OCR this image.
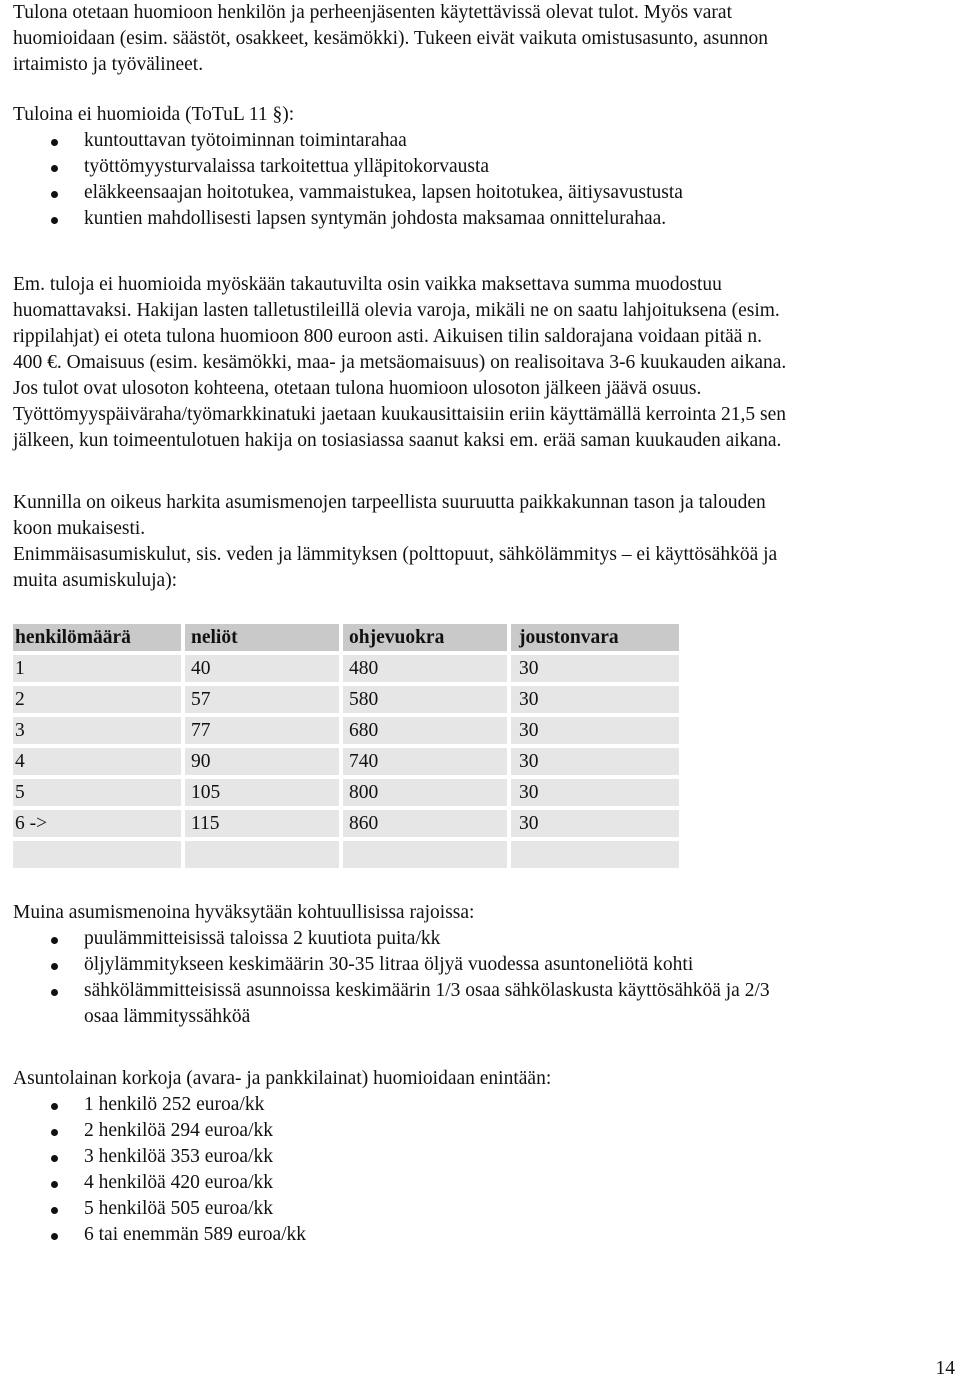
Tulona otetaan huomioon henkilön ja perheenjäsenten käytettävissä olevat tulot. Myös varat

huomioidaan (esim. säästöt, osakkeet, kesämökki). Tukeen eivät vaikuta omistusasunto, asunnon

irtaimisto ja työvälineet.

Tuloina ei huomioida (ToTuL 11 §):

kuntouttavan työtoiminnan toimintarahaa
työttömyysturvalaissa tarkoitettua ylläpitokorvausta
eläkkeensaajan hoitotukea, vammaistukea, lapsen hoitotukea, äitiysavustusta
kuntien mahdollisesti lapsen syntymän johdosta maksamaa onnittelurahaa.

Em. tuloja ei huomioida myöskään takautuvilta osin vaikka maksettava summa muodostuu

huomattavaksi. Hakijan lasten talletustileillä olevia varoja, mikäli ne on saatu lahjoituksena (esim.

rippilahjat) ei oteta tulona huomioon 800 euroon asti. Aikuisen tilin saldorajana voidaan pitää n.

400 €. Omaisuus (esim. kesämökki, maa- ja metsäomaisuus) on realisoitava 3-6 kuukauden aikana.

Jos tulot ovat ulosoton kohteena, otetaan tulona huomioon ulosoton jälkeen jäävä osuus.

Työttömyyspäiväraha/työmarkkinatuki jaetaan kuukausittaisiin eriin käyttämällä kerrointa 21,5 sen

jälkeen, kun toimeentulotuen hakija on tosiasiassa saanut kaksi em. erää saman kuukauden aikana.

Kunnilla on oikeus harkita asumismenojen tarpeellista suuruutta paikkakunnan tason ja talouden

koon mukaisesti.

Enimmäisasumiskulut, sis. veden ja lämmityksen (polttopuut, sähkölämmitys – ei käyttösähköä ja

muita asumiskuluja):

henkilömäärä	neliöt	ohjevuokra	joustonvara
1	40	480	30
2	57	580	30
3	77	680	30
4	90	740	30
5	105	800	30
6 ->	115	860	30

Muina asumismenoina hyväksytään kohtuullisissa rajoissa:

puulämmitteisissä taloissa 2 kuutiota puita/kk
öljylämmitykseen keskimäärin 30-35 litraa öljyä vuodessa asuntoneliötä kohti
sähkölämmitteisissä asunnoissa keskimäärin 1/3 osaa sähkölaskusta käyttösähköä ja 2/3
osaa lämmityssähköä

Asuntolainan korkoja (avara- ja pankkilainat) huomioidaan enintään:

1 henkilö 252 euroa/kk
2 henkilöä 294 euroa/kk
3 henkilöä 353 euroa/kk
4 henkilöä 420 euroa/kk
5 henkilöä 505 euroa/kk
6 tai enemmän 589 euroa/kk
14
